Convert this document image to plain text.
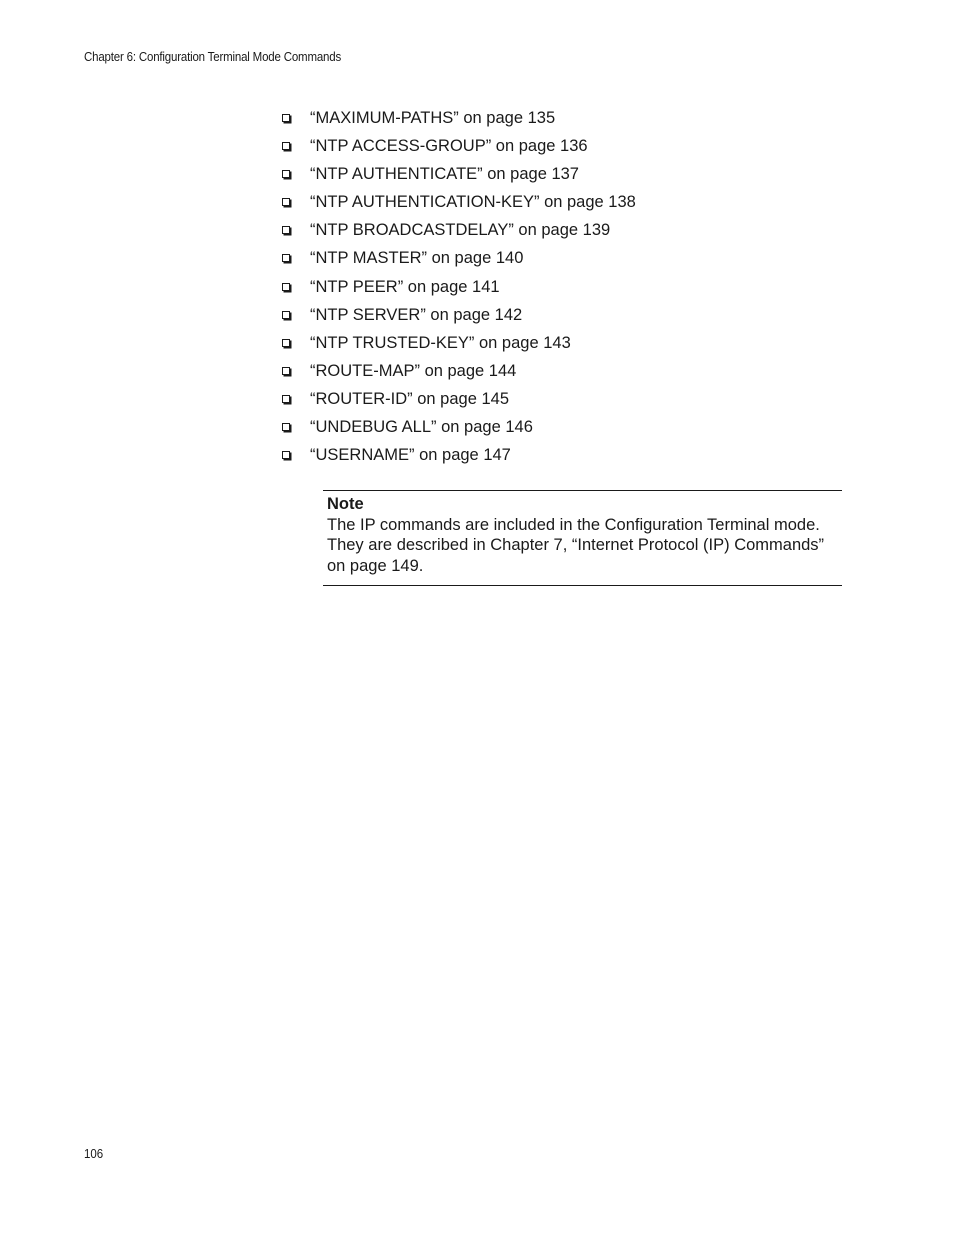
Chapter 6: Configuration Terminal Mode Commands
“MAXIMUM-PATHS” on page 135
“NTP ACCESS-GROUP” on page 136
“NTP AUTHENTICATE” on page 137
“NTP AUTHENTICATION-KEY” on page 138
“NTP BROADCASTDELAY” on page 139
“NTP MASTER” on page 140
“NTP PEER” on page 141
“NTP SERVER” on page 142
“NTP TRUSTED-KEY” on page 143
“ROUTE-MAP” on page 144
“ROUTER-ID” on page 145
“UNDEBUG ALL” on page 146
“USERNAME” on page 147
Note
The IP commands are included in the Configuration Terminal mode.
They are described in Chapter 7, “Internet Protocol (IP) Commands”
on page 149.
106
